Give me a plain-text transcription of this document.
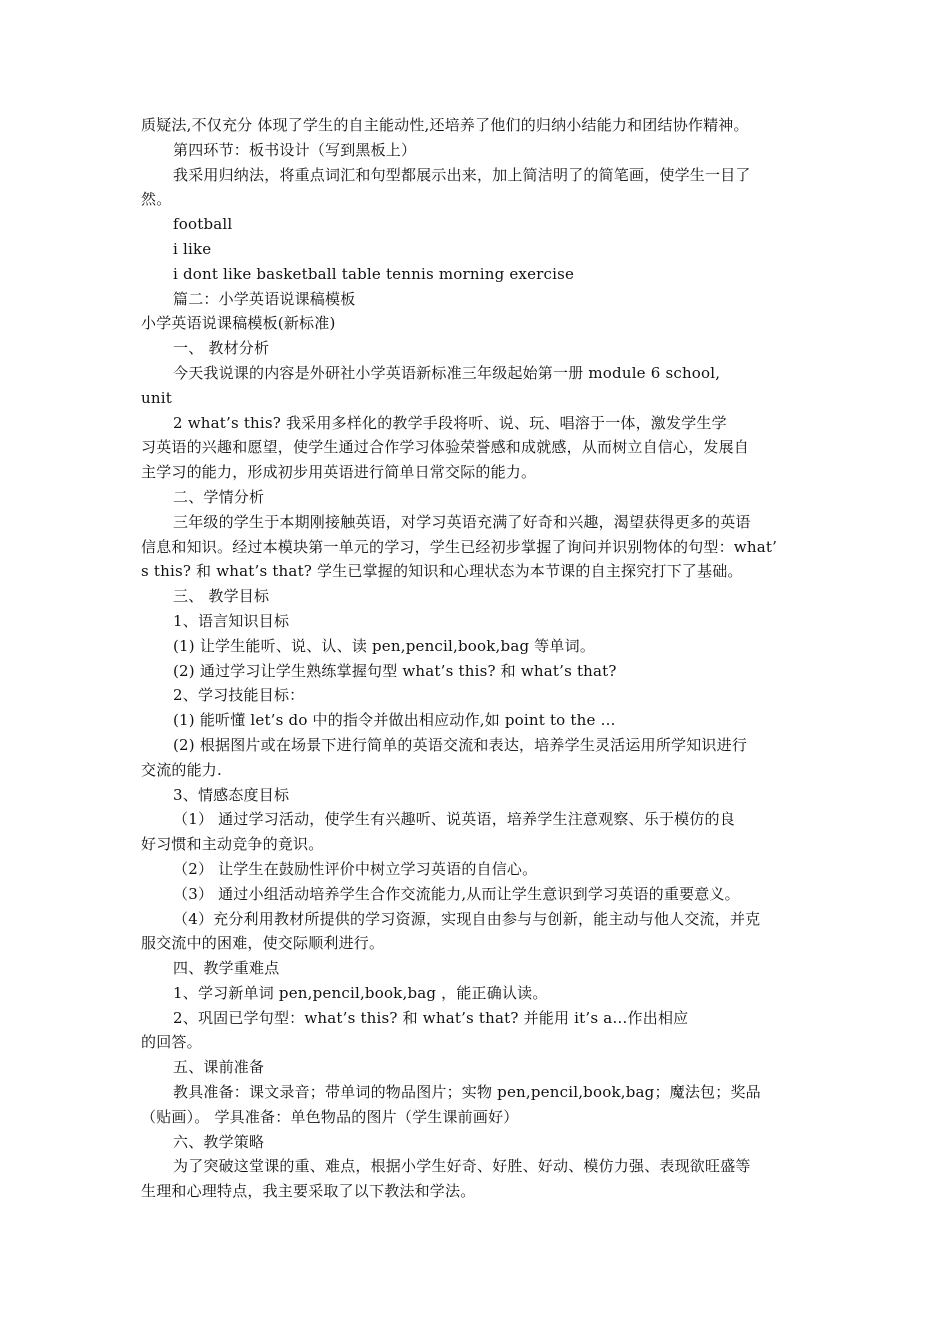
质疑法,不仅充分 体现了学生的自主能动性,还培养了他们的归纳小结能力和团结协作精神。
第四环节：板书设计（写到黑板上）
我采用归纳法，将重点词汇和句型都展示出来，加上简洁明了的简笔画，使学生一目了
然。
football
i like
i dont like basketball table tennis morning exercise
篇二：小学英语说课稿模板
小学英语说课稿模板(新标准)
一、 教材分析
今天我说课的内容是外研社小学英语新标准三年级起始第一册 module 6 school,
unit
2 what’s this? 我采用多样化的教学手段将听、说、玩、唱溶于一体，激发学生学
习英语的兴趣和愿望，使学生通过合作学习体验荣誉感和成就感，从而树立自信心，发展自
主学习的能力，形成初步用英语进行简单日常交际的能力。
二、学情分析
三年级的学生于本期刚接触英语，对学习英语充满了好奇和兴趣，渴望获得更多的英语
信息和知识。经过本模块第一单元的学习，学生已经初步掌握了询问并识别物体的句型：what’
s this? 和 what’s that? 学生已掌握的知识和心理状态为本节课的自主探究打下了基础。
三、 教学目标
1、语言知识目标
(1) 让学生能听、说、认、读 pen,pencil,book,bag 等单词。
(2) 通过学习让学生熟练掌握句型 what’s this? 和 what’s that?
2、学习技能目标：
(1) 能听懂 let’s do 中的指令并做出相应动作,如 point to the …
(2) 根据图片或在场景下进行简单的英语交流和表达，培养学生灵活运用所学知识进行
交流的能力.
3、情感态度目标
（1） 通过学习活动，使学生有兴趣听、说英语，培养学生注意观察、乐于模仿的良
好习惯和主动竞争的竟识。
（2） 让学生在鼓励性评价中树立学习英语的自信心。
（3） 通过小组活动培养学生合作交流能力,从而让学生意识到学习英语的重要意义。
（4）充分利用教材所提供的学习资源，实现自由参与与创新，能主动与他人交流，并克
服交流中的困难，使交际顺利进行。
四、教学重难点
1、学习新单词 pen,pencil,book,bag ，能正确认读。
2、巩固已学句型：what’s this? 和 what’s that? 并能用 it’s a…作出相应
的回答。
五、课前准备
教具准备：课文录音；带单词的物品图片；实物 pen,pencil,book,bag；魔法包；奖品
（贴画）。 学具准备：单色物品的图片（学生课前画好）
六、教学策略
为了突破这堂课的重、难点，根据小学生好奇、好胜、好动、模仿力强、表现欲旺盛等
生理和心理特点，我主要采取了以下教法和学法。
